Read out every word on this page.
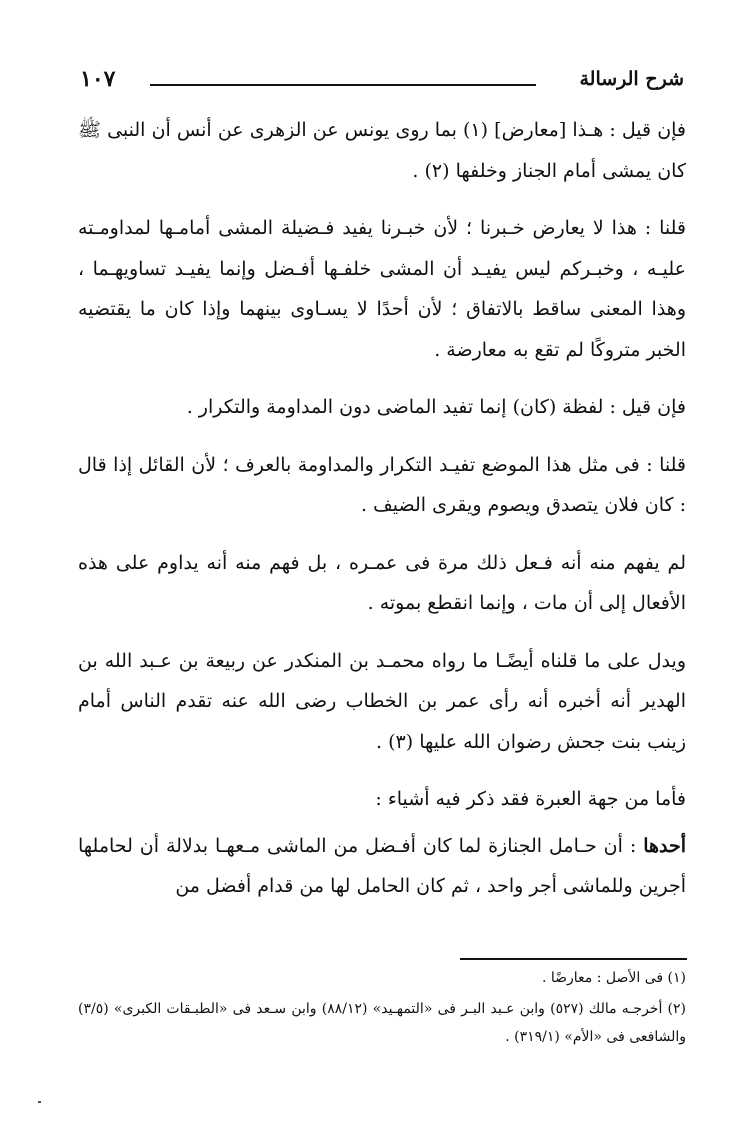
شرح الرسالة
١٠٧

فإن قيل : هـذا [معارض] (١) بما روى يونس عن الزهرى عن أنس أن النبى ﷺ كان يمشى أمام الجناز وخلفها (٢) .

قلنا : هذا لا يعارض خـبرنا ؛ لأن خبـرنا يفيد فـضيلة المشى أمامـها لمداومـته عليـه ، وخبـركم ليس يفيـد أن المشى خلفـها أفـضل وإنما يفيـد تساويهـما ، وهذا المعنى ساقط بالاتفاق ؛ لأن أحدًا لا يسـاوى بينهما وإذا كان ما يقتضيه الخبر متروكًا لم تقع به معارضة .

فإن قيل : لفظة (كان) إنما تفيد الماضى دون المداومة والتكرار .

قلنا : فى مثل هذا الموضع تفيـد التكرار والمداومة بالعرف ؛ لأن القائل إذا قال : كان فلان يتصدق ويصوم ويقرى الضيف .

لم يفهم منه أنه فـعل ذلك مرة فى عمـره ، بل فهم منه أنه يداوم على هذه الأفعال إلى أن مات ، وإنما انقطع بموته .

ويدل على ما قلناه أيضًـا ما رواه محمـد بن المنكدر عن ربيعة بن عـبد الله بن الهدير أنه أخبره أنه رأى عمر بن الخطاب رضى الله عنه تقدم الناس أمام زينب بنت جحش رضوان الله عليها (٣) .

فأما من جهة العبرة فقد ذكر فيه أشياء :

أحدها : أن حـامل الجنازة لما كان أفـضل من الماشى مـعهـا بدلالة أن لحاملها أجرين وللماشى أجر واحد ، ثم كان الحامل لها من قدام أفضل من

(١) فى الأصل : معارضًا .

(٢) أخرجـه مالك (٥٢٧) وابن عـبد البـر فى «التمهـيد» (٨٨/١٢) وابن سـعد فى «الطبـقات الكبرى» (٣/٥) والشافعى فى «الأم» (٣١٩/١) .
